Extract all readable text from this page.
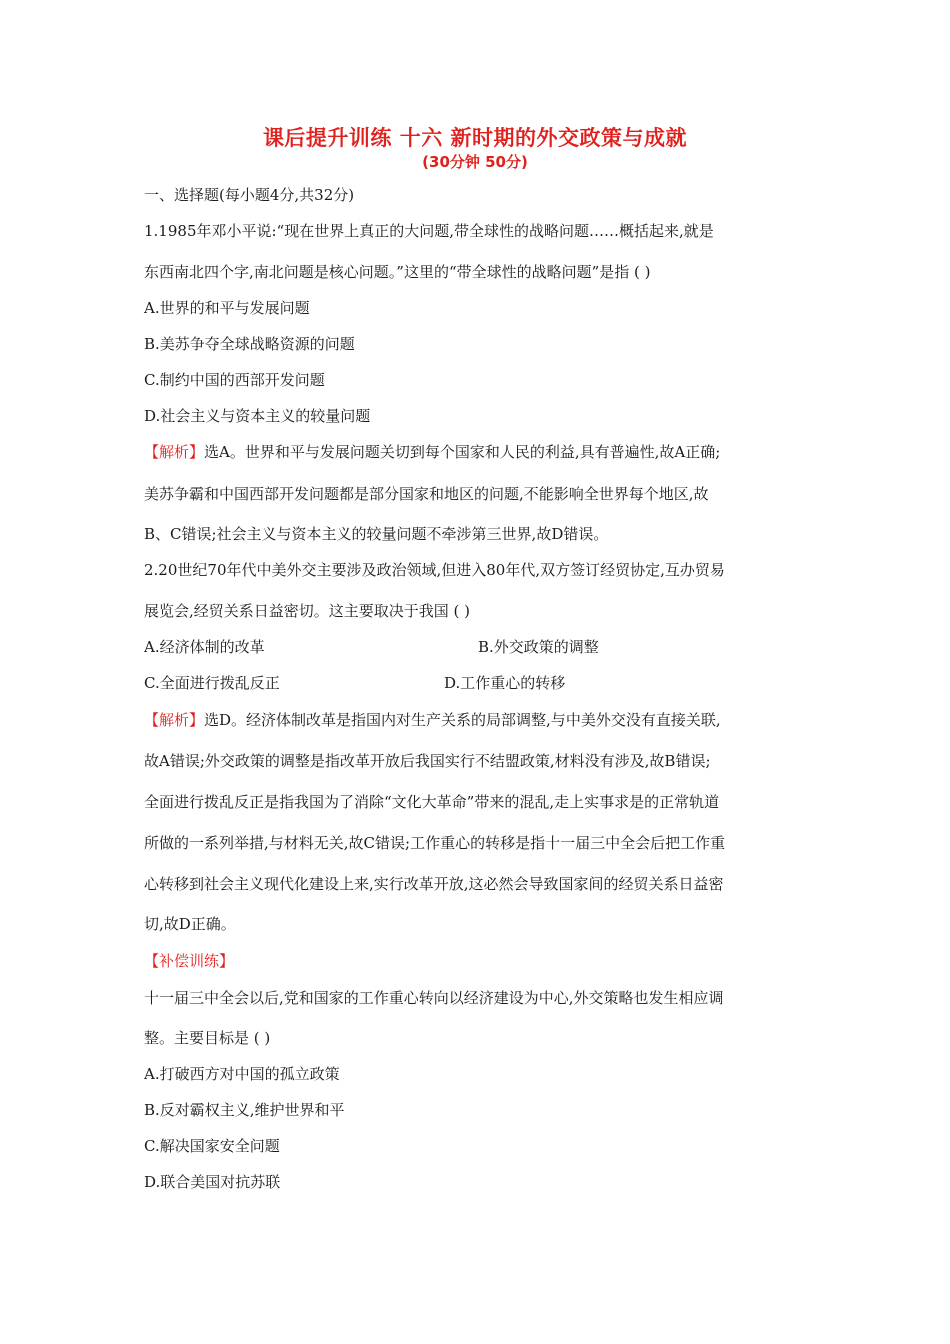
课后提升训练 十六 新时期的外交政策与成就
(30分钟 50分)
一、选择题(每小题4分,共32分)
1.1985年邓小平说:“现在世界上真正的大问题,带全球性的战略问题……概括起来,就是
东西南北四个字,南北问题是核心问题。”这里的“带全球性的战略问题”是指 ( )
A.世界的和平与发展问题
B.美苏争夺全球战略资源的问题
C.制约中国的西部开发问题
D.社会主义与资本主义的较量问题
【解析】选A。世界和平与发展问题关切到每个国家和人民的利益,具有普遍性,故A正确;
美苏争霸和中国西部开发问题都是部分国家和地区的问题,不能影响全世界每个地区,故
B、C错误;社会主义与资本主义的较量问题不牵涉第三世界,故D错误。
2.20世纪70年代中美外交主要涉及政治领域,但进入80年代,双方签订经贸协定,互办贸易
展览会,经贸关系日益密切。这主要取决于我国 ( )
A.经济体制的改革	B.外交政策的调整
C.全面进行拨乱反正	D.工作重心的转移
【解析】选D。经济体制改革是指国内对生产关系的局部调整,与中美外交没有直接关联,
故A错误;外交政策的调整是指改革开放后我国实行不结盟政策,材料没有涉及,故B错误;
全面进行拨乱反正是指我国为了消除“文化大革命”带来的混乱,走上实事求是的正常轨道
所做的一系列举措,与材料无关,故C错误;工作重心的转移是指十一届三中全会后把工作重
心转移到社会主义现代化建设上来,实行改革开放,这必然会导致国家间的经贸关系日益密
切,故D正确。
【补偿训练】
十一届三中全会以后,党和国家的工作重心转向以经济建设为中心,外交策略也发生相应调
整。主要目标是 ( )
A.打破西方对中国的孤立政策
B.反对霸权主义,维护世界和平
C.解决国家安全问题
D.联合美国对抗苏联
